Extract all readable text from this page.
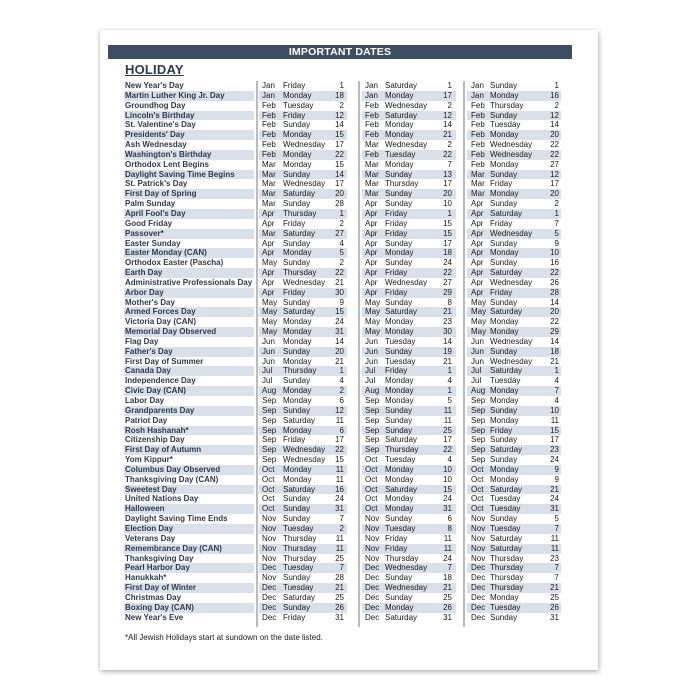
IMPORTANT DATES
HOLIDAY
New Year's Day	Jan Friday	1	Jan Saturday	1 Jan Sunday	1
Martin Luther King Jr. Day	Jan Monday	18	Jan Monday	17 Jan Monday	16
Groundhog Day	Feb Tuesday	2	Feb Wednesday	2 Feb Thursday	2
Lincoln's Birthday	Feb Friday	12	Feb Saturday	12 Feb Sunday	12
St. Valentine's Day	Feb Sunday	14	Feb Monday	14 Feb Tuesday	14
Presidents' Day	Feb Monday	15	Feb Monday	21 Feb Monday	20
Ash Wednesday	Feb Wednesday	17	Mar Wednesday	2 Feb Wednesday	22
Washington's Birthday	Feb Monday	22	Feb Tuesday	22 Feb Wednesday	22
Orthodox Lent Begins	Mar Monday	15	Mar Monday	7 Feb Monday	27
Daylight Saving Time Begins	Mar Sunday	14	Mar Sunday	13 Mar Sunday	12
St. Patrick's Day	Mar Wednesday	17	Mar Thursday	17 Mar Friday	17
First Day of Spring	Mar Saturday	20	Mar Sunday	20 Mar Monday	20
Palm Sunday	Mar Sunday	28	Apr Sunday	10 Apr Sunday	2
April Fool's Day	Apr Thursday	1	Apr Friday	1 Apr Saturday	1
Good Friday	Apr Friday	2	Apr Friday	15 Apr Friday	7
Passover*	Mar Saturday	27	Apr Friday	15 Apr Wednesday	5
Easter Sunday	Apr Sunday	4	Apr Sunday	17 Apr Sunday	9
Easter Monday (CAN)	Apr Monday	5	Apr Monday	18 Apr Monday	10
Orthodox Easter (Pascha)	May Sunday	2	Apr Sunday	24 Apr Sunday	16
Earth Day	Apr Thursday	22	Apr Friday	22 Apr Saturday	22
Administrative Professionals Day Apr Wednesday	21	Apr Wednesday	27 Apr Wednesday	26
Arbor Day	Apr Friday	30	Apr Friday	29 Apr Friday	28
Mother's Day	May Sunday	9	May Sunday	8 May Sunday	14
Armed Forces Day	May Saturday	15	May Saturday	21 May Saturday	20
Victoria Day (CAN)	May Monday	24	May Monday	23 May Monday	22
Memorial Day Observed	May Monday	31	May Monday	30 May Monday	29
Flag Day	Jun Monday	14	Jun Tuesday	14 Jun Wednesday	14
Father's Day	Jun Sunday	20	Jun Sunday	19 Jun Sunday	18
First Day of Summer	Jun Monday	21	Jun Tuesday	21 Jun Wednesday	21
Canada Day	Jul Thursday	1	Jul Friday	1 Jul Saturday	1
Independence Day	Jul Sunday	4	Jul Monday	4 Jul Tuesday	4
Civic Day (CAN)	Aug Monday	2	Aug Monday	1 Aug Monday	7
Labor Day	Sep Monday	6	Sep Monday	5 Sep Monday	4
Grandparents Day	Sep Sunday	12	Sep Sunday	11 Sep Sunday	10
Patriot Day	Sep Saturday	11	Sep Sunday	11 Sep Monday	11
Rosh Hashanah*	Sep Monday	6	Sep Sunday	25 Sep Friday	15
Citizenship Day	Sep Friday	17	Sep Saturday	17 Sep Sunday	17
First Day of Autumn	Sep Wednesday	22	Sep Thursday	22 Sep Saturday	23
Yom Kippur*	Sep Wednesday	15	Oct Tuesday	4 Sep Sunday	24
Columbus Day Observed	Oct Monday	11	Oct Monday	10 Oct Monday	9
Thanksgiving Day (CAN)	Oct Monday	11	Oct Monday	10 Oct Monday	9
Sweetest Day	Oct Saturday	16	Oct Saturday	15 Oct Saturday	21
United Nations Day	Oct Sunday	24	Oct Monday	24 Oct Tuesday	24
Halloween	Oct Sunday	31	Oct Monday	31 Oct Tuesday	31
Daylight Saving Time Ends	Nov Sunday	7	Nov Sunday	6 Nov Sunday	5
Election Day	Nov Tuesday	2	Nov Tuesday	8 Nov Tuesday	7
Veterans Day	Nov Thursday	11	Nov Friday	11 Nov Saturday	11
Remembrance Day (CAN)	Nov Thursday	11	Nov Friday	11 Nov Saturday	11
Thanksgiving Day	Nov Thursday	25	Nov Thursday	24 Nov Thursday	23
Pearl Harbor Day	Dec Tuesday	7	Dec Wednesday	7 Dec Thursday	7
Hanukkah*	Nov Sunday	28	Dec Sunday	18 Dec Thursday	7
First Day of Winter	Dec Tuesday	21	Dec Wednesday	21 Dec Thursday	21
Christmas Day	Dec Saturday	25	Dec Sunday	25 Dec Monday	25
Boxing Day (CAN)	Dec Sunday	26	Dec Monday	26 Dec Tuesday	26
New Year's Eve	Dec Friday	31	Dec Saturday	31 Dec Sunday	31
*All Jewish Holidays start at sundown on the date listed.
